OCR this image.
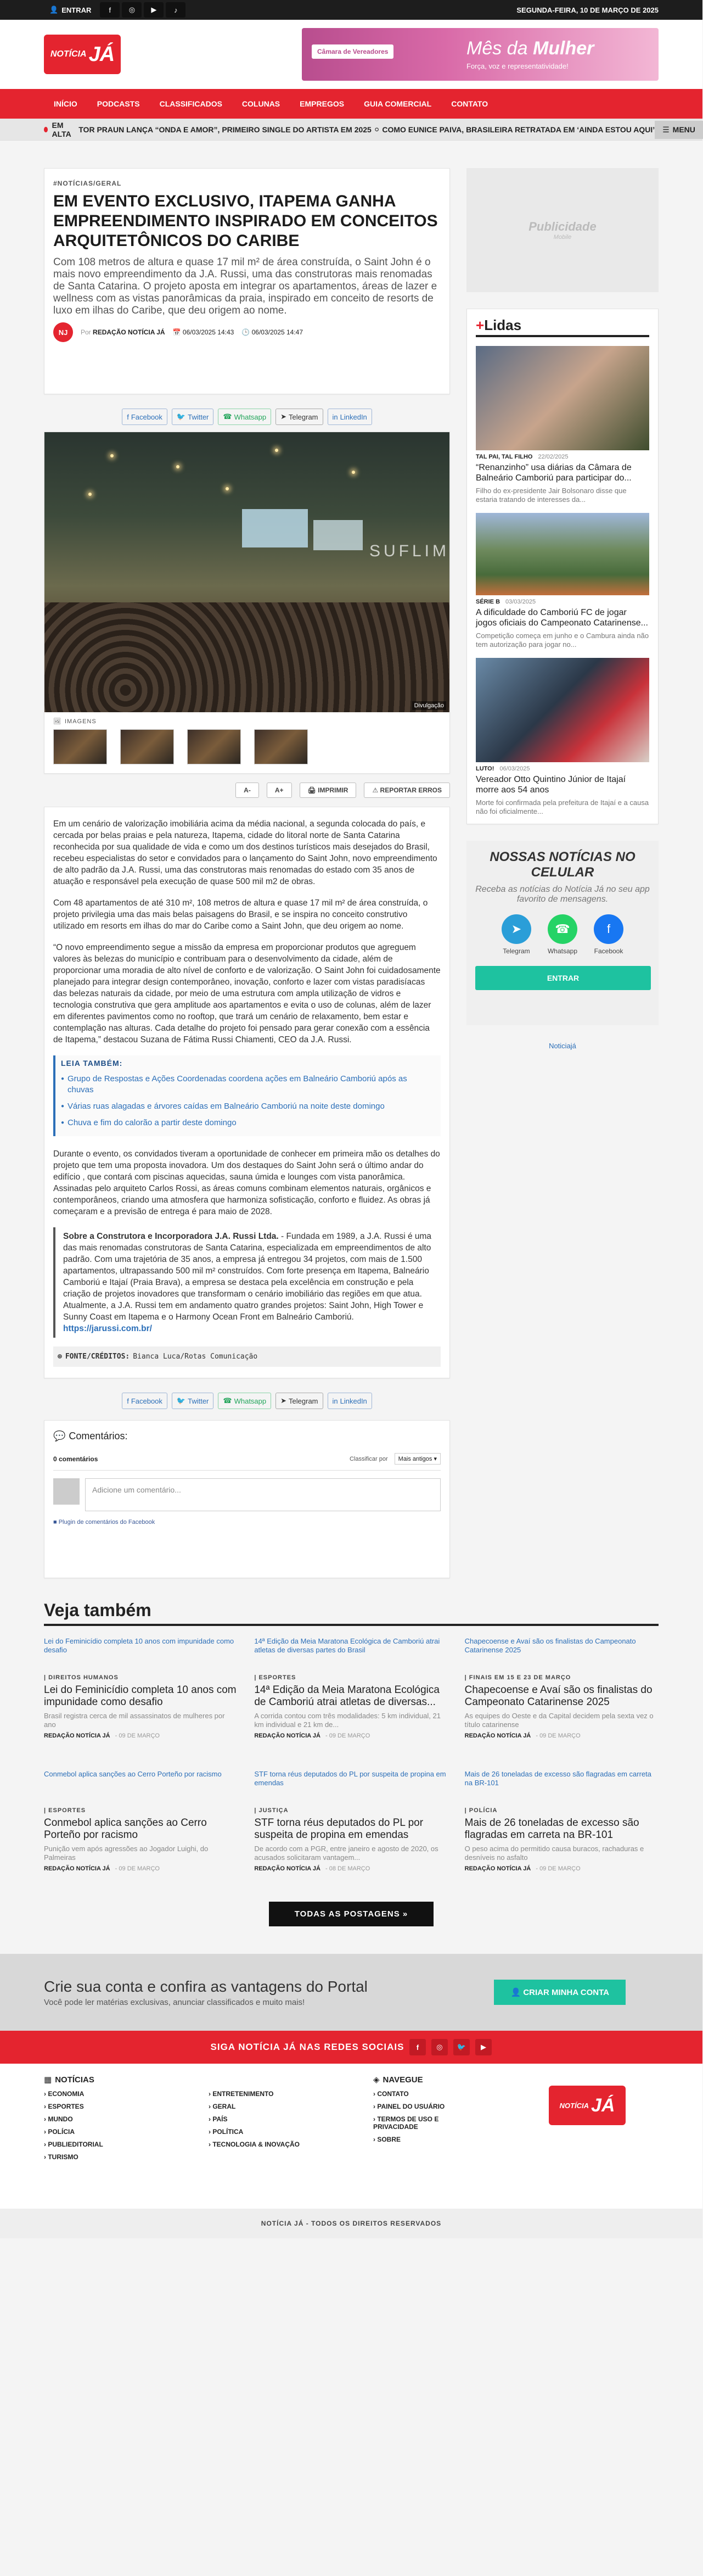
👤 ENTRAR	f	◎	▶	♪	SEGUNDA-FEIRA, 10 DE MARÇO DE 2025
NOTÍCIA JÁ	Câmara de Vereadores	Mês da Mulher
Força, voz e representatividade!
INÍCIO	PODCASTS	CLASSIFICADOS	COLUNAS	EMPREGOS	GUIA COMERCIAL	CONTATO
EM ALTA
TOR PRAUN LANÇA “ONDA E AMOR”, PRIMEIRO SINGLE DO ARTISTA EM 2025 ⚪ COMO EUNICE PAIVA, BRASILEIRA RETRATADA EM ‘AINDA ESTOU AQUI’ ☰ MENU
#NOTÍCIAS/GERAL
EM EVENTO EXCLUSIVO, ITAPEMA GANHA EMPREENDIMENTO INSPIRADO EM CONCEITOS ARQUITETÔNICOS DO CARIBE
Com 108 metros de altura e quase 17 mil m² de área construída, o Saint John é o mais novo empreendimento da J.A. Russi, uma das construtoras mais renomadas de Santa Catarina. O projeto aposta em integrar os apartamentos, áreas de lazer e wellness com as vistas panorâmicas da praia, inspirado em conceito de resorts de luxo em ilhas do Caribe, que deu origem ao nome.
NJ	Por REDAÇÃO NOTÍCIA JÁ 📅 06/03/2025 14:43 🕒 06/03/2025 14:47
f Facebook	🐦 Twitter	☎ Whatsapp	➤ Telegram	in LinkedIn
SUFLIM
Divulgação
🖼 IMAGENS
A-	A+	🖨 IMPRIMIR	⚠ REPORTAR ERROS

Em um cenário de valorização imobiliária acima da média nacional, a segunda colocada do país, e cercada por belas praias e pela natureza, Itapema, cidade do litoral norte de Santa Catarina reconhecida por sua qualidade de vida e como um dos destinos turísticos mais desejados do Brasil, recebeu especialistas do setor e convidados para o lançamento do Saint John, novo empreendimento de alto padrão da J.A. Russi, uma das construtoras mais renomadas do estado com 35 anos de atuação e responsável pela execução de quase 500 mil m2 de obras.

Com 48 apartamentos de até 310 m², 108 metros de altura e quase 17 mil m² de área construída, o projeto privilegia uma das mais belas paisagens do Brasil, e se inspira no conceito construtivo utilizado em resorts em ilhas do mar do Caribe como a Saint John, que deu origem ao nome.

“O novo empreendimento segue a missão da empresa em proporcionar produtos que agreguem valores às belezas do município e contribuam para o desenvolvimento da cidade, além de proporcionar uma moradia de alto nível de conforto e de valorização. O Saint John foi cuidadosamente planejado para integrar design contemporâneo, inovação, conforto e lazer com vistas paradisíacas das belezas naturais da cidade, por meio de uma estrutura com ampla utilização de vidros e tecnologia construtiva que gera amplitude aos apartamentos e evita o uso de colunas, além de lazer em diferentes pavimentos como no rooftop, que trará um cenário de relaxamento, bem estar e contemplação nas alturas. Cada detalhe do projeto foi pensado para gerar conexão com a essência de Itapema,” destacou Suzana de Fátima Russi Chiamenti, CEO da J.A. Russi.

LEIA TAMBÉM:
● Grupo de Respostas e Ações Coordenadas coordena ações em Balneário Camboriú após as chuvas
● Várias ruas alagadas e árvores caídas em Balneário Camboriú na noite deste domingo
● Chuva e fim do calorão a partir deste domingo

Durante o evento, os convidados tiveram a oportunidade de conhecer em primeira mão os detalhes do projeto que tem uma proposta inovadora. Um dos destaques do Saint John será o último andar do edifício , que contará com piscinas aquecidas, sauna úmida e lounges com vista panorâmica. Assinadas pelo arquiteto Carlos Rossi, as áreas comuns combinam elementos naturais, orgânicos e contemporâneos, criando uma atmosfera que harmoniza sofisticação, conforto e fluidez. As obras já começaram e a previsão de entrega é para maio de 2028.

Sobre a Construtora e Incorporadora J.A. Russi Ltda. - Fundada em 1989, a J.A. Russi é uma das mais renomadas construtoras de Santa Catarina, especializada em empreendimentos de alto padrão. Com uma trajetória de 35 anos, a empresa já entregou 34 projetos, com mais de 1.500 apartamentos, ultrapassando 500 mil m² construídos. Com forte presença em Itapema, Balneário Camboriú e Itajaí (Praia Brava), a empresa se destaca pela excelência em construção e pela criação de projetos inovadores que transformam o cenário imobiliário das regiões em que atua. Atualmente, a J.A. Russi tem em andamento quatro grandes projetos: Saint John, High Tower e Sunny Coast em Itapema e o Harmony Ocean Front em Balneário Camboriú.
https://jarussi.com.br/
⊕ FONTE/CRÉDITOS: Bianca Luca/Rotas Comunicação
f Facebook	🐦 Twitter	☎ Whatsapp	➤ Telegram	in LinkedIn
💬 Comentários:
0 comentários	Classificar por	Mais antigos ▾
Adicione um comentário...
■ Plugin de comentários do Facebook
Publicidade
Mobile
+Lidas
TAL PAI, TAL FILHO 22/02/2025
“Renanzinho” usa diárias da Câmara de Balneário Camboriú para participar do...
Filho do ex-presidente Jair Bolsonaro disse que estaria tratando de interesses da...
SÉRIE B 03/03/2025
A dificuldade do Camboriú FC de jogar jogos oficiais do Campeonato Catarinense...
Competição começa em junho e o Cambura ainda não tem autorização para jogar no...
LUTO! 06/03/2025
Vereador Otto Quintino Júnior de Itajaí morre aos 54 anos
Morte foi confirmada pela prefeitura de Itajaí e a causa não foi oficialmente...
NOSSAS NOTÍCIAS NO CELULAR

Receba as notícias do Notícia Já no seu app favorito de mensagens.

➤
Telegram
☎
Whatsapp
f
Facebook
ENTRAR
Noticiajá
Veja também
Lei do Feminicídio completa 10 anos com impunidade como desafio
| DIREITOS HUMANOS
Lei do Feminicídio completa 10 anos com impunidade como desafio
Brasil registra cerca de mil assassinatos de mulheres por ano
REDAÇÃO NOTÍCIA JÁ - 09 DE MARÇO
14ª Edição da Meia Maratona Ecológica de Camboriú atrai atletas de diversas partes do Brasil
| ESPORTES
14ª Edição da Meia Maratona Ecológica de Camboriú atrai atletas de diversas...
A corrida contou com três modalidades: 5 km individual, 21 km individual e 21 km de...
REDAÇÃO NOTÍCIA JÁ - 09 DE MARÇO
Chapecoense e Avaí são os finalistas do Campeonato Catarinense 2025
| FINAIS EM 15 E 23 DE MARÇO
Chapecoense e Avaí são os finalistas do Campeonato Catarinense 2025
As equipes do Oeste e da Capital decidem pela sexta vez o título catarinense
REDAÇÃO NOTÍCIA JÁ - 09 DE MARÇO
Conmebol aplica sanções ao Cerro Porteño por racismo
| ESPORTES
Conmebol aplica sanções ao Cerro Porteño por racismo
Punição vem após agressões ao Jogador Luighi, do Palmeiras
REDAÇÃO NOTÍCIA JÁ - 09 DE MARÇO
STF torna réus deputados do PL por suspeita de propina em emendas
| JUSTIÇA
STF torna réus deputados do PL por suspeita de propina em emendas
De acordo com a PGR, entre janeiro e agosto de 2020, os acusados solicitaram vantagem...
REDAÇÃO NOTÍCIA JÁ - 08 DE MARÇO
Mais de 26 toneladas de excesso são flagradas em carreta na BR-101
| POLÍCIA
Mais de 26 toneladas de excesso são flagradas em carreta na BR-101
O peso acima do permitido causa buracos, rachaduras e desníveis no asfalto
REDAÇÃO NOTÍCIA JÁ - 09 DE MARÇO
TODAS AS POSTAGENS »
Crie sua conta e confira as vantagens do Portal

Você pode ler matérias exclusivas, anunciar classificados e muito mais!

👤 CRIAR MINHA CONTA
SIGA NOTÍCIA JÁ NAS REDES SOCIAIS	f	◎	🐦	▶
▦ NOTÍCIAS
› ECONOMIA
› ESPORTES
› MUNDO
› POLÍCIA
› PUBLIEDITORIAL
› TURISMO
› ENTRETENIMENTO
› GERAL
› PAÍS
› POLÍTICA
› TECNOLOGIA & INOVAÇÃO
◈ NAVEGUE
› CONTATO
› PAINEL DO USUÁRIO
› TERMOS DE USO E PRIVACIDADE
› SOBRE
NOTÍCIA JÁ
NOTÍCIA JÁ - TODOS OS DIREITOS RESERVADOS
